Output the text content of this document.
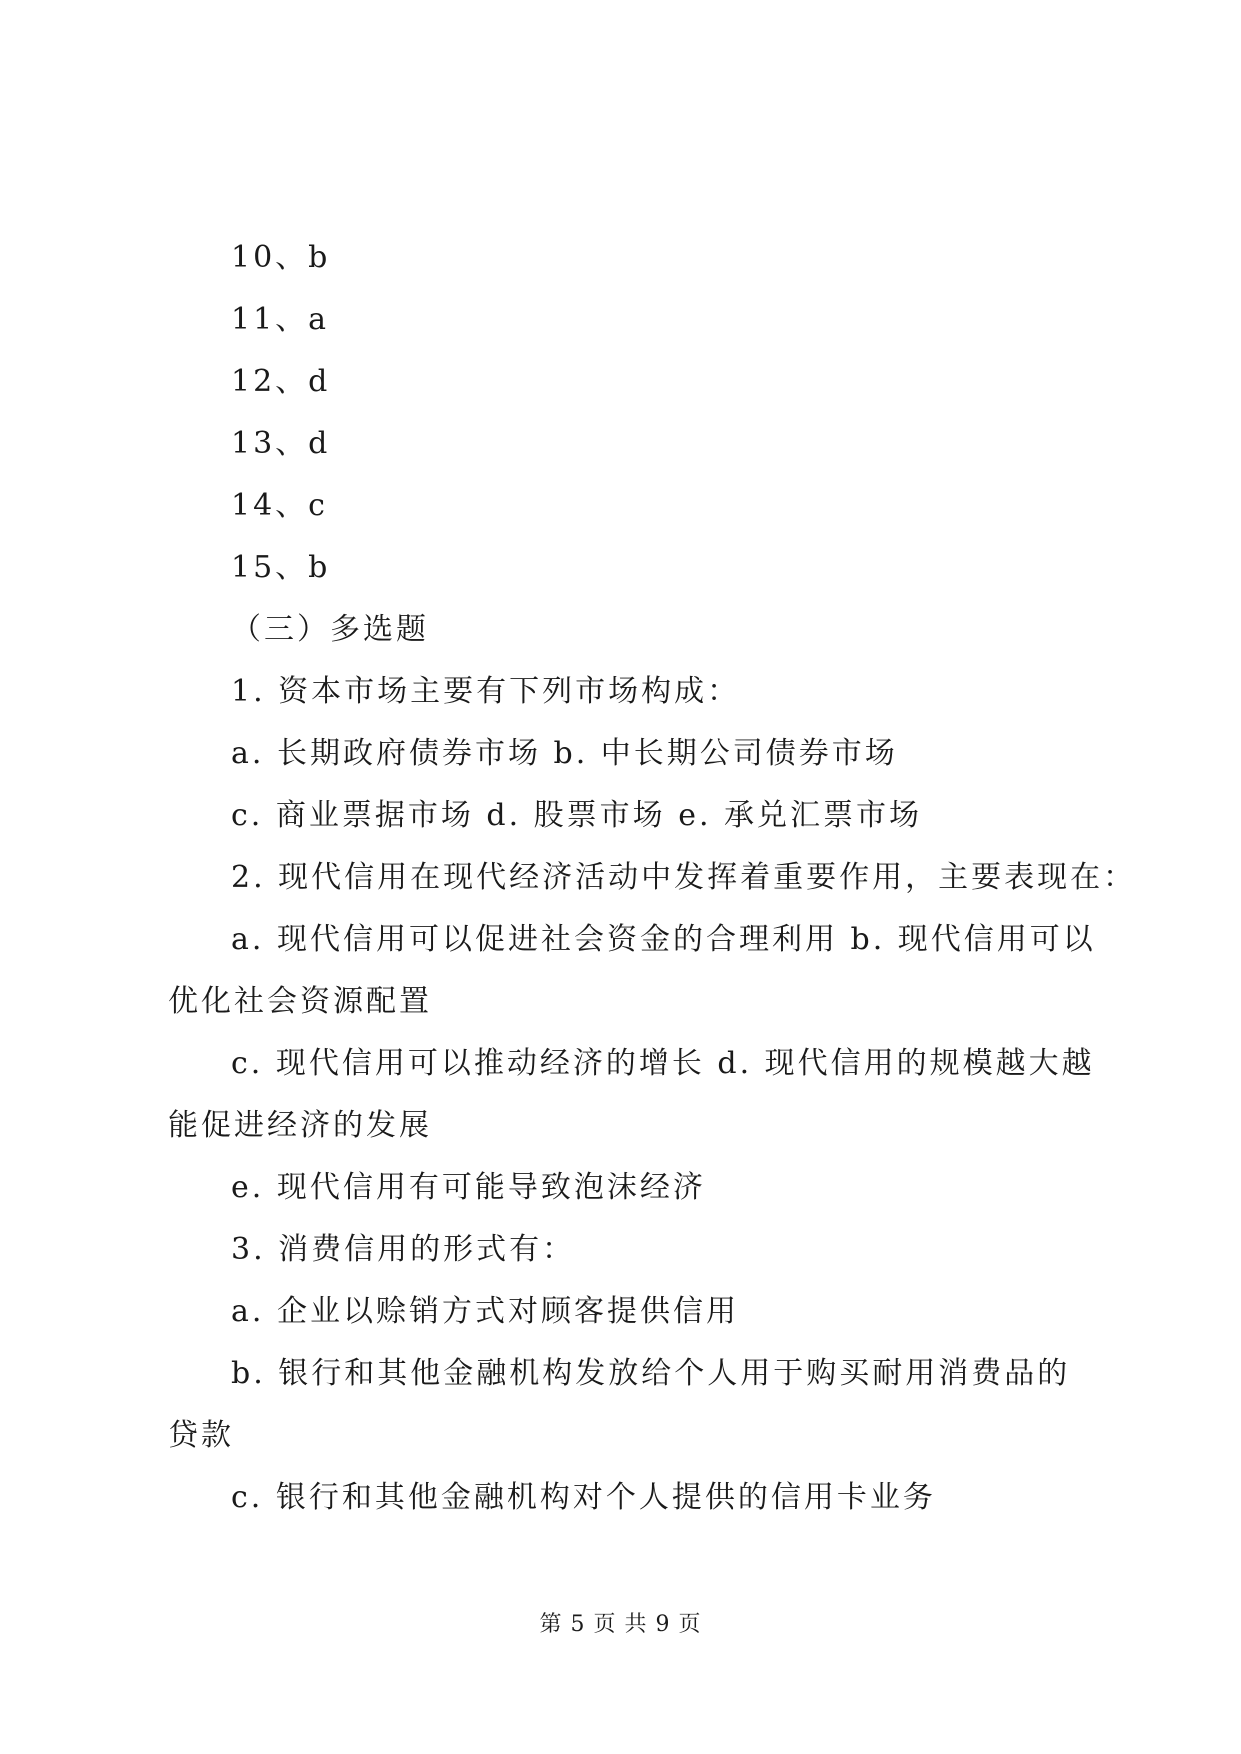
10、b
11、a
12、d
13、d
14、c
15、b
（三）多选题
1. 资本市场主要有下列市场构成：
a. 长期政府债券市场 b. 中长期公司债券市场
c. 商业票据市场 d. 股票市场 e. 承兑汇票市场
2. 现代信用在现代经济活动中发挥着重要作用，主要表现在：
a. 现代信用可以促进社会资金的合理利用 b. 现代信用可以
优化社会资源配置
c. 现代信用可以推动经济的增长 d. 现代信用的规模越大越
能促进经济的发展
e. 现代信用有可能导致泡沫经济
3. 消费信用的形式有：
a. 企业以赊销方式对顾客提供信用
b. 银行和其他金融机构发放给个人用于购买耐用消费品的
贷款
c. 银行和其他金融机构对个人提供的信用卡业务
第 5 页 共 9 页
